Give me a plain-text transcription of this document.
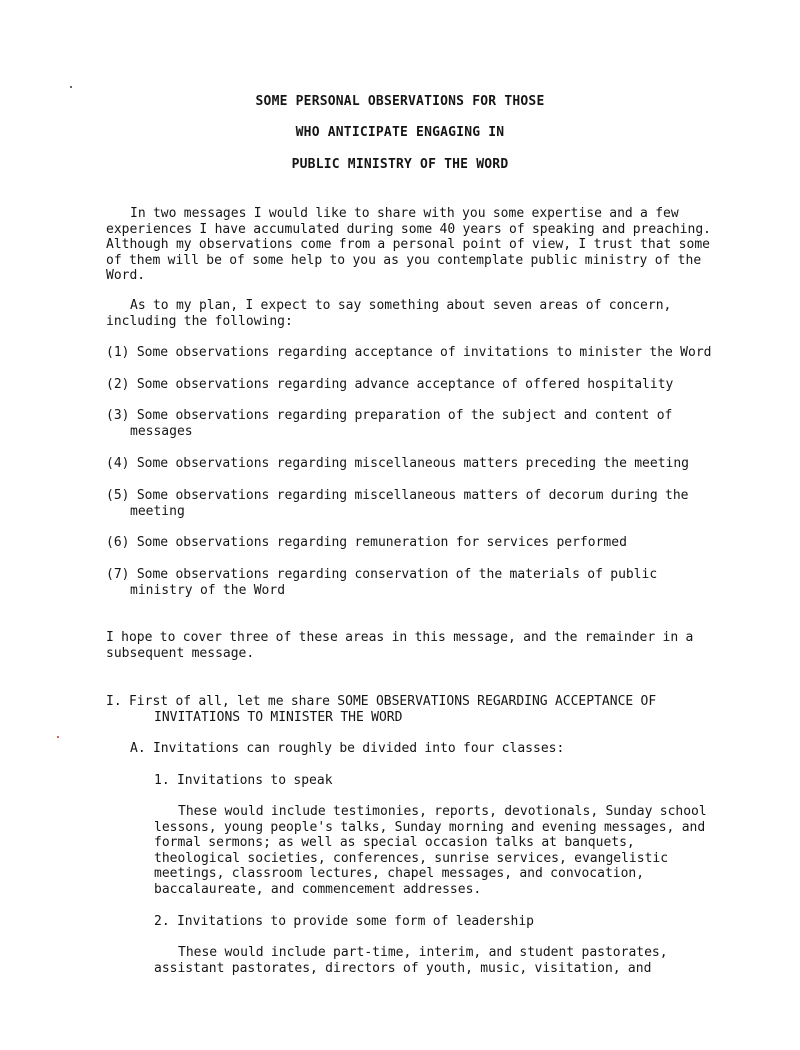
SOME PERSONAL OBSERVATIONS FOR THOSE
WHO ANTICIPATE ENGAGING IN
PUBLIC MINISTRY OF THE WORD
In two messages I would like to share with you some expertise and a few experiences I have accumulated during some 40 years of speaking and preaching. Although my observations come from a personal point of view, I trust that some of them will be of some help to you as you contemplate public ministry of the Word.
As to my plan, I expect to say something about seven areas of concern, including the following:
(1) Some observations regarding acceptance of invitations to minister the Word
(2) Some observations regarding advance acceptance of offered hospitality
(3) Some observations regarding preparation of the subject and content of messages
(4) Some observations regarding miscellaneous matters preceding the meeting
(5) Some observations regarding miscellaneous matters of decorum during the meeting
(6) Some observations regarding remuneration for services performed
(7) Some observations regarding conservation of the materials of public ministry of the Word
I hope to cover three of these areas in this message, and the remainder in a subsequent message.
I. First of all, let me share SOME OBSERVATIONS REGARDING ACCEPTANCE OF INVITATIONS TO MINISTER THE WORD
A. Invitations can roughly be divided into four classes:
1. Invitations to speak
These would include testimonies, reports, devotionals, Sunday school lessons, young people's talks, Sunday morning and evening messages, and formal sermons; as well as special occasion talks at banquets, theological societies, conferences, sunrise services, evangelistic meetings, classroom lectures, chapel messages, and convocation, baccalaureate, and commencement addresses.
2. Invitations to provide some form of leadership
These would include part-time, interim, and student pastorates, assistant pastorates, directors of youth, music, visitation, and
